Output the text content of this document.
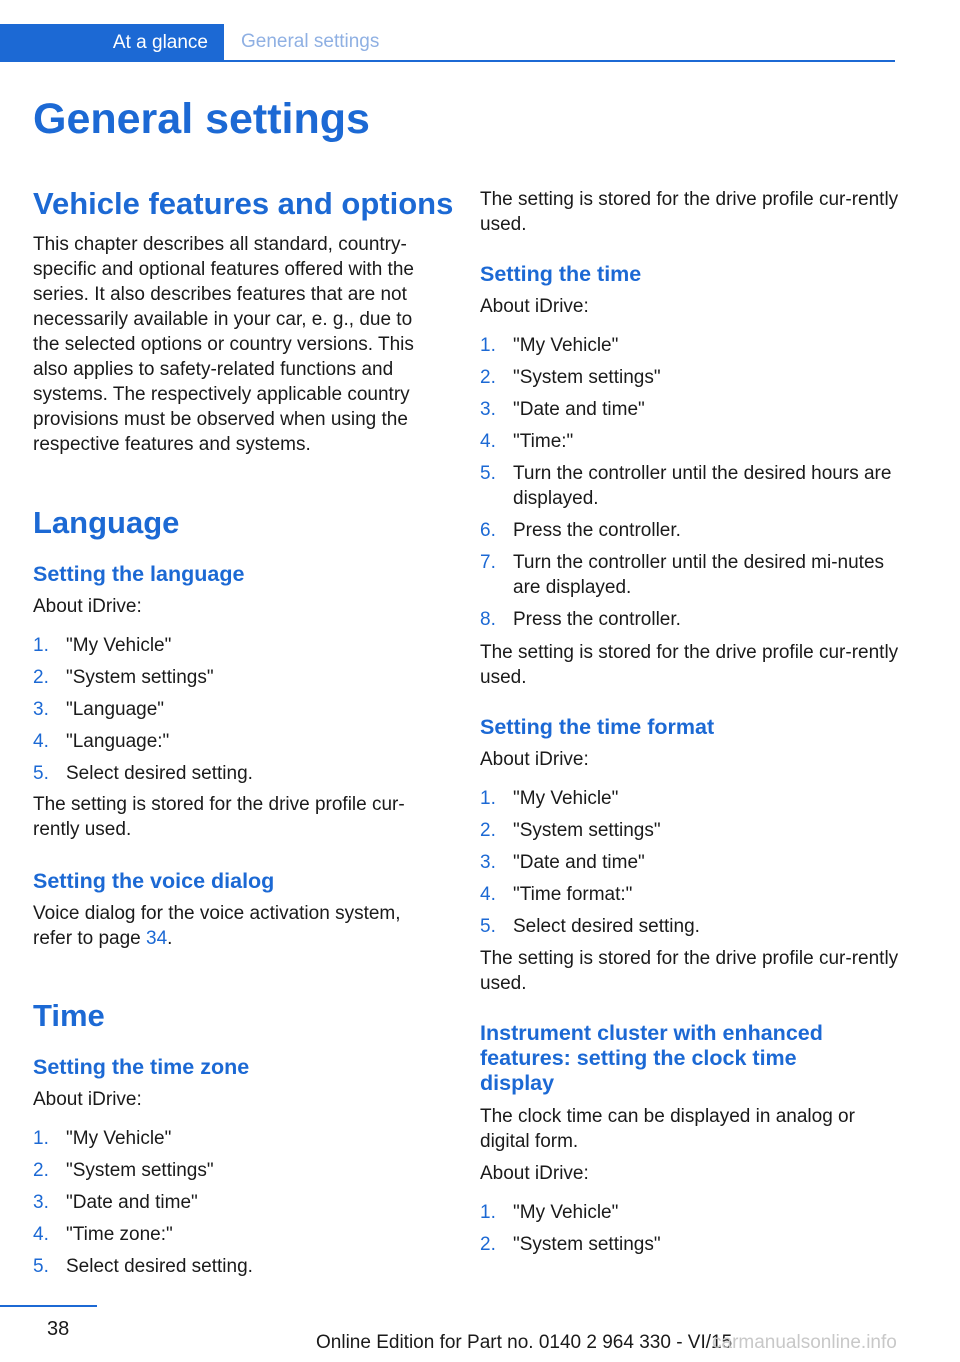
At a glance	General settings
General settings
Vehicle features and options

This chapter describes all standard, country-specific and optional features offered with the series. It also describes features that are not necessarily available in your car, e. g., due to the selected options or country versions. This also applies to safety-related functions and systems. The respectively applicable country provisions must be observed when using the respective features and systems.

Language
Setting the language

About iDrive:

1. "My Vehicle"
2. "System settings"
3. "Language"
4. "Language:"
5. Select desired setting.

The setting is stored for the drive profile cur-rently used.

Setting the voice dialog

Voice dialog for the voice activation system, refer to page 34.

Time
Setting the time zone

About iDrive:

1. "My Vehicle"
2. "System settings"
3. "Date and time"
4. "Time zone:"
5. Select desired setting.

The setting is stored for the drive profile cur-rently used.

Setting the time

About iDrive:

1. "My Vehicle"
2. "System settings"
3. "Date and time"
4. "Time:"
5. Turn the controller until the desired hours are displayed.
6. Press the controller.
7. Turn the controller until the desired mi-nutes are displayed.
8. Press the controller.

The setting is stored for the drive profile cur-rently used.

Setting the time format

About iDrive:

1. "My Vehicle"
2. "System settings"
3. "Date and time"
4. "Time format:"
5. Select desired setting.

The setting is stored for the drive profile cur-rently used.

Instrument cluster with enhanced features: setting the clock time display

The clock time can be displayed in analog or digital form.

About iDrive:

1. "My Vehicle"
2. "System settings"
38
Online Edition for Part no. 0140 2 964 330 - VI/15
carmanualsonline.info
